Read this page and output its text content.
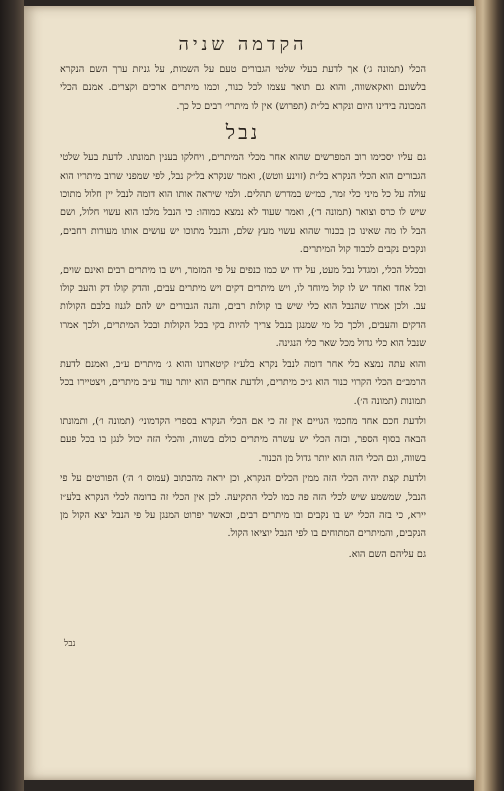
הקדמה שניה

הכלי (תמונה ג׳) אך לדעת בעלי שלטי הגבורים טעם על השמות, על גניזת ערך השם הנקרא בלשונם וואקאשווה, והוא גם תואר עצמו לכל כנור, וכמו מיתרים ארכים וקצרים. אמנם הכלי המכונה בידינו היום ונקרא בל״ת (תפרוש) אין לו מיתרי׳ רבים כל כך.

נבל

גם עליו יסכימו רוב המפרשים שהוא אחר מכלי המיתרים, ויחלקו בענין תמונתו. לדעת בעל שלטי הגבורים הוא הכלי הנקרא בל״ת (זוינע ווטש), ואמר שנקרא בל״ק נבל, לפי שמפני שרוב מיתריו הוא עולה על כל מיני כלי זמר, כמ״ש במדרש תהלים. ולמי שיראה אותו הוא דומה לנבל יין חלול מתוכו שיש לו כרס וצואר (תמונה ד׳), ואמר שעוד לא נמצא כמוהו: כי הנבל מלבו הוא עשוי חלול, ושם הבל לו מה שאינו כן בכנור שהוא עשוי מעץ שלם, והנבל מתוכו יש עושים אותו מעורות רחבים, ונקבים נקבים לכבוד קול המיתרים.

ובכלל הכלי, ומגדל נבל מעט, על ידו יש כמו כנפים על פי המזמר, ויש בו מיתרים רבים ואינם שוים, וכל אחד ואחד יש לו קול מיוחד לו, ויש מיתרים דקים ויש מיתרים עבים, והדק קולו דק והעב קולו עב. ולכן אמרו שהנבל הוא כלי שיש בו קולות רבים, והנה הגבורים יש להם לגנוז בלבם הקולות הדקים והעבים, ולכך כל מי שמנגן בנבל צריך להיות בקי בכל הקולות ובכל המיתרים, ולכך אמרו שנבל הוא כלי גדול מכל שאר כלי הנגינה.

והוא עתה נמצא בלי אחר דומה לנבל נקרא בלע״ז קיטארונו והוא ג׳ מיתרים ע״ב, ואמנם לדעת הרמב״ם הכלי הקרוי כנור הוא ג״כ מיתרים, ולדעת אחרים הוא יותר עוד ע״ב מיתרים, ויצטיירו בכל תמונות (תמונה ה׳).

ולדעת חכם אחד מחכמי הגויים אין זה כי אם הכלי הנקרא בספרי הקדמוני׳ (תמונה ו׳), ותמונתו הבאה בסוף הספר, ובזה הכלי יש עשרה מיתרים כולם בשווה, והכלי הזה יכול לנגן בו בכל פעם בשווה, וגם הכלי הזה הוא יותר גדול מן הכנור.

ולדעת קצת יהיה הכלי הזה ממין הכלים הנקרא, וכן יראה מהכתוב (עמוס ו׳ ה׳) הפורטים על פי הנבל, שמשמע שיש לכלי הזה פה כמו לכלי התקיעה. לכן אין הכלי זה בדומה לכלי הנקרא בלע״ז יירא, כי בזה הכלי יש בו נקבים ובו מיתרים רבים, וכאשר יפרוט המנגן על פי הנבל יצא הקול מן הנקבים, והמיתרים המתוחים בו לפי הנבל יוציאו הקול.

גם עליהם השם הוא.

נבל
